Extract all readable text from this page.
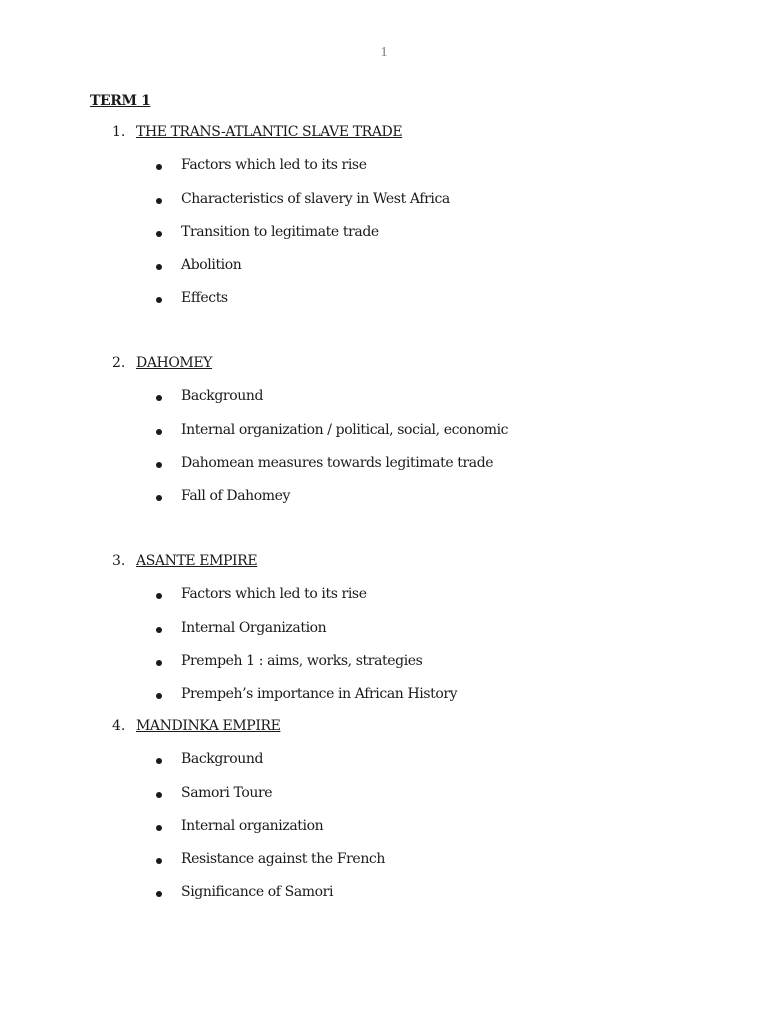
1
TERM 1
1. THE TRANS-ATLANTIC SLAVE TRADE
Factors which led to its rise
Characteristics of slavery in West Africa
Transition to legitimate trade
Abolition
Effects
2. DAHOMEY
Background
Internal organization / political, social, economic
Dahomean measures towards legitimate trade
Fall of Dahomey
3. ASANTE EMPIRE
Factors which led to its rise
Internal Organization
Prempeh 1 : aims, works, strategies
Prempeh’s importance in African History
4. MANDINKA EMPIRE
Background
Samori Toure
Internal organization
Resistance against the French
Significance of Samori
